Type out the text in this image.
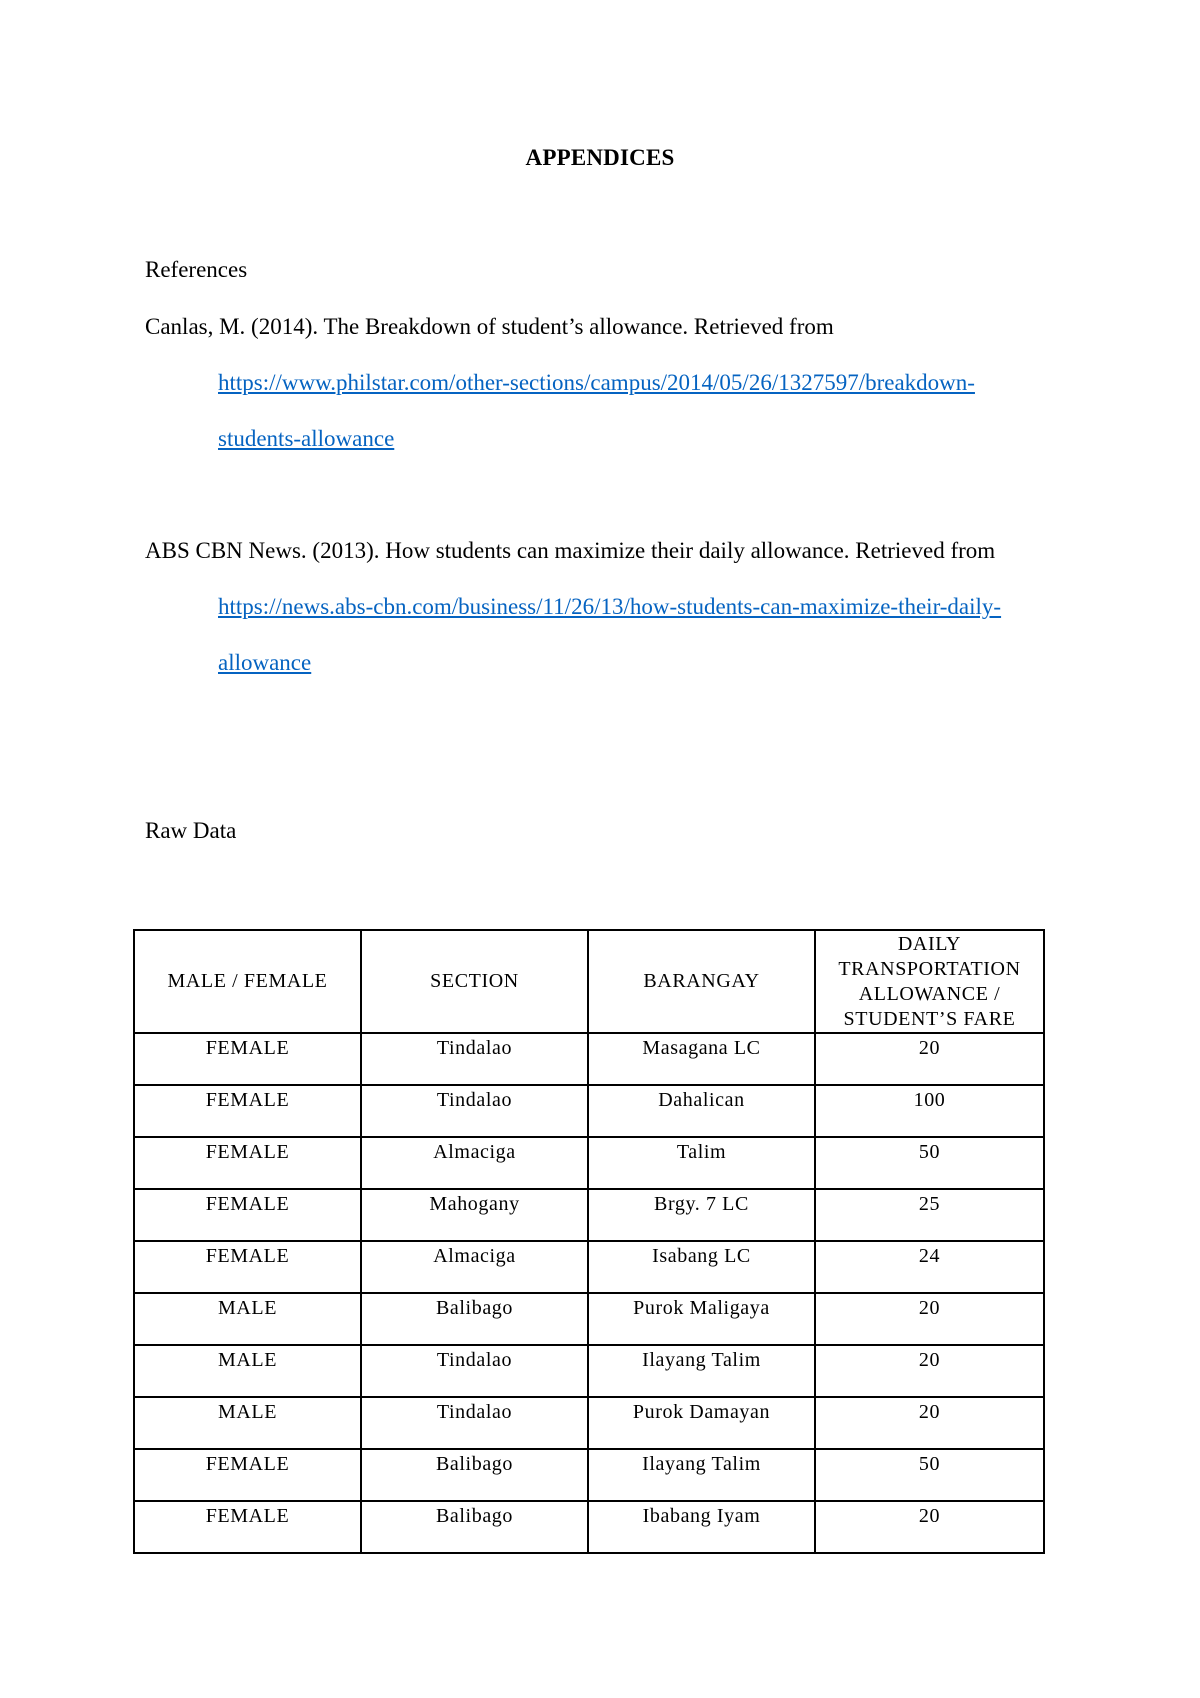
APPENDICES
References
Canlas, M. (2014). The Breakdown of student’s allowance. Retrieved from
https://www.philstar.com/other-sections/campus/2014/05/26/1327597/breakdown-
students-allowance
ABS CBN News. (2013). How students can maximize their daily allowance. Retrieved from
https://news.abs-cbn.com/business/11/26/13/how-students-can-maximize-their-daily-
allowance
Raw Data
MALE / FEMALE	SECTION	BARANGAY	DAILY TRANSPORTATION ALLOWANCE / STUDENT’S FARE
FEMALE	Tindalao	Masagana LC	20
FEMALE	Tindalao	Dahalican	100
FEMALE	Almaciga	Talim	50
FEMALE	Mahogany	Brgy. 7 LC	25
FEMALE	Almaciga	Isabang LC	24
MALE	Balibago	Purok Maligaya	20
MALE	Tindalao	Ilayang Talim	20
MALE	Tindalao	Purok Damayan	20
FEMALE	Balibago	Ilayang Talim	50
FEMALE	Balibago	Ibabang Iyam	20
